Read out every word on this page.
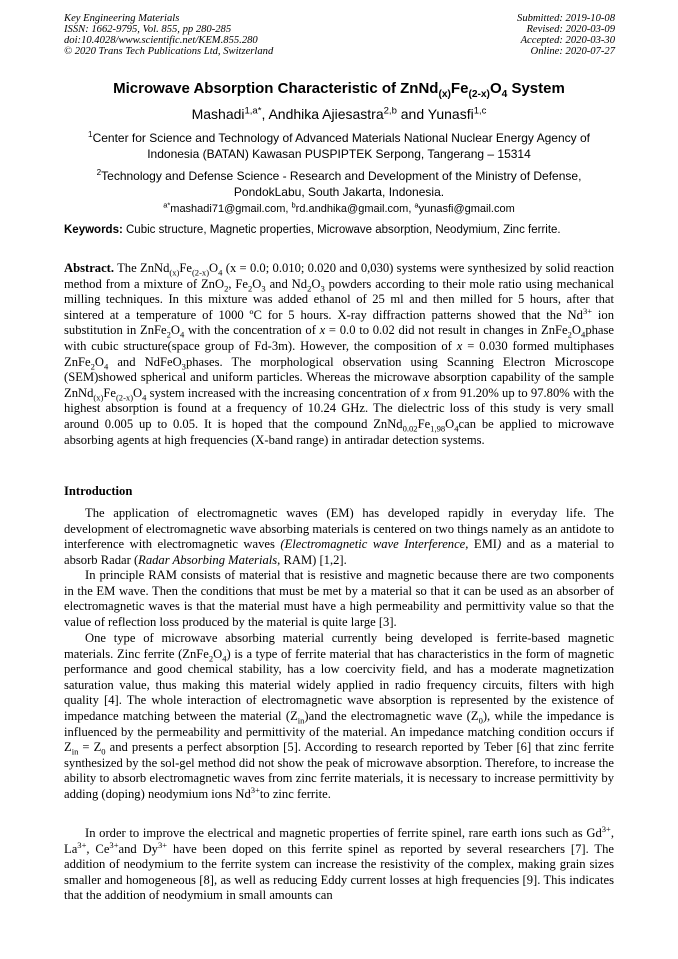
Key Engineering Materials
ISSN: 1662-9795, Vol. 855, pp 280-285
doi:10.4028/www.scientific.net/KEM.855.280
© 2020 Trans Tech Publications Ltd, Switzerland
Submitted: 2019-10-08
Revised: 2020-03-09
Accepted: 2020-03-30
Online: 2020-07-27
Microwave Absorption Characteristic of $ZnNd_{(x)}Fe_{(2-x)}O_4$ System
Mashadi$^{1,a*}$, Andhika Ajiesastra$^{2,b}$ and Yunasfi$^{1,c}$
$^1$Center for Science and Technology of Advanced Materials National Nuclear Energy Agency of Indonesia (BATAN) Kawasan PUSPIPTEK Serpong, Tangerang – 15314
$^2$Technology and Defense Science - Research and Development of the Ministry of Defense, PondokLabu, South Jakarta, Indonesia.
$^{a*}$mashadi71@gmail.com, $^b$rd.andhika@gmail.com, $^a$yunasfi@gmail.com
Keywords: Cubic structure, Magnetic properties, Microwave absorption, Neodymium, Zinc ferrite.
Abstract. The $ZnNd_{(x)}Fe_{(2-x)}O_4$ (x = 0.0; 0.010; 0.020 and 0,030) systems were synthesized by solid reaction method from a mixture of ZnO$_2$, $Fe_2O_3$ and $Nd_2O_3$ powders according to their mole ratio using mechanical milling techniques. In this mixture was added ethanol of 25 ml and then milled for 5 hours, after that sintered at a temperature of 1000 ºC for 5 hours. X-ray diffraction patterns showed that the $Nd^{3+}$ ion substitution in $ZnFe_2O_4$ with the concentration of x = 0.0 to 0.02 did not result in changes in $ZnFe_2O_4phase$ with cubic structure(space group of Fd-3m). However, the composition of x = 0.030 formed multiphases $ZnFe_2O_4$ and NdFeO$_3$phases. The morphological observation using Scanning Electron Microscope (SEM)showed spherical and uniform particles. Whereas the microwave absorption capability of the sample $ZnNd_{(x)}Fe_{(2-x)}O_4$ system increased with the increasing concentration of x from 91.20% up to 97.80% with the highest absorption is found at a frequency of 10.24 GHz. The dielectric loss of this study is very small around 0.005 up to 0.05. It is hoped that the compound $ZnNd_{0.02}Fe_{1,98}O_4can$ be applied to microwave absorbing agents at high frequencies (X-band range) in antiradar detection systems.
Introduction
The application of electromagnetic waves (EM) has developed rapidly in everyday life. The development of electromagnetic wave absorbing materials is centered on two things namely as an antidote to interference with electromagnetic waves (Electromagnetic wave Interference, EMI) and as a material to absorb Radar (Radar Absorbing Materials, RAM) [1,2].
In principle RAM consists of material that is resistive and magnetic because there are two components in the EM wave. Then the conditions that must be met by a material so that it can be used as an absorber of electromagnetic waves is that the material must have a high permeability and permittivity value so that the value of reflection loss produced by the material is quite large [3].
One type of microwave absorbing material currently being developed is ferrite-based magnetic materials. Zinc ferrite $(ZnFe_2O_4)$ is a type of ferrite material that has characteristics in the form of magnetic performance and good chemical stability, has a low coercivity field, and has a moderate magnetization saturation value, thus making this material widely applied in radio frequency circuits, filters with high quality [4]. The whole interaction of electromagnetic wave absorption is represented by the existence of impedance matching between the material $(Z_{in})and$ the electromagnetic wave $(Z_0)$, while the impedance is influenced by the permeability and permittivity of the material. An impedance matching condition occurs if $Z_{in} = Z_0$ and presents a perfect absorption [5]. According to research reported by Teber [6] that zinc ferrite synthesized by the sol-gel method did not show the peak of microwave absorption. Therefore, to increase the ability to absorb electromagnetic waves from zinc ferrite materials, it is necessary to increase permittivity by adding (doping) neodymium ions $Nd^{3+}to$ zinc ferrite.
In order to improve the electrical and magnetic properties of ferrite spinel, rare earth ions such as $Gd^{3+}$, $La^{3+}$, $Ce^{3+}and$ $Dy^{3+}$ have been doped on this ferrite spinel as reported by several researchers [7]. The addition of neodymium to the ferrite system can increase the resistivity of the complex, making grain sizes smaller and homogeneous [8], as well as reducing Eddy current losses at high frequencies [9]. This indicates that the addition of neodymium in small amounts can
